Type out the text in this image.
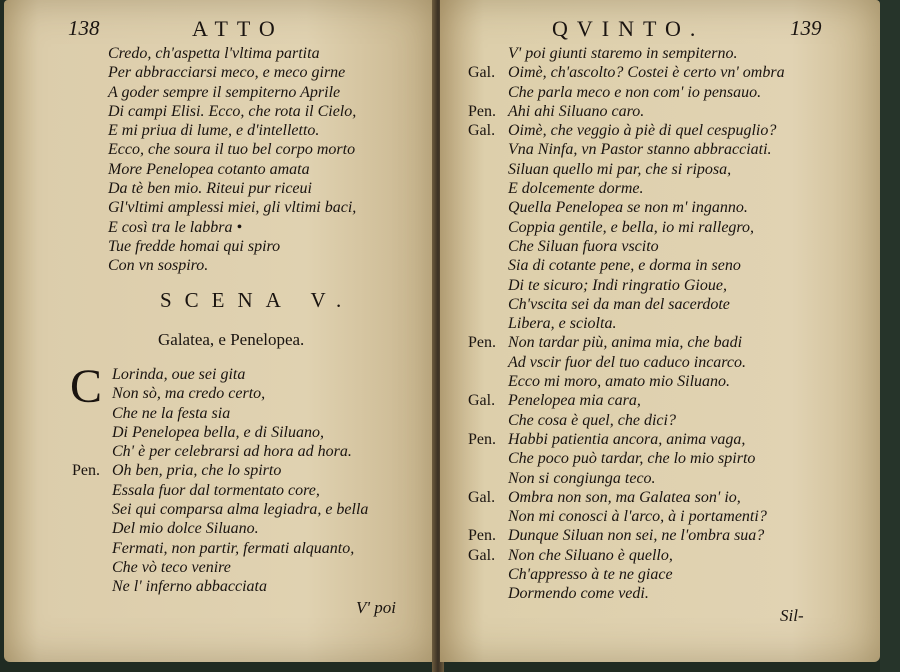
138	ATTO
Credo, ch'aspetta l'vltima partita
Per abbracciarsi meco, e meco girne
A goder sempre il sempiterno Aprile
Di campi Elisi. Ecco, che rota il Cielo,
E mi priua di lume, e d'intelletto.
Ecco, che soura il tuo bel corpo morto
More Penelopea cotanto amata
Da tè ben mio. Riteui pur riceui
Gl'vltimi amplessi miei, gli vltimi baci,
E così tra le labbra •
Tue fredde homai qui spiro
Con vn sospiro.
SCENA V.
Galatea, e Penelopea.
C Lorinda, oue sei gita
Non sò, ma credo certo,
Che ne la festa sia
Di Penelopea bella, e di Siluano,
Ch' è per celebrarsi ad hora ad hora.
Pen. Oh ben, pria, che lo spirto
Essala fuor dal tormentato core,
Sei qui comparsa alma legiadra, e bella
Del mio dolce Siluano.
Fermati, non partir, fermati alquanto,
Che vò teco venire
Ne l' inferno abbacciata
V' poi
QVINTO.	139
V' poi giunti staremo in sempiterno.
Gal. Oimè, ch'ascolto? Costei è certo vn' ombra
Che parla meco e non com' io pensauo.
Pen. Ahi ahi Siluano caro.
Gal. Oimè, che veggio à piè di quel cespuglio?
Vna Ninfa, vn Pastor stanno abbracciati.
Siluan quello mi par, che si riposa,
E dolcemente dorme.
Quella Penelopea se non m' inganno.
Coppia gentile, e bella, io mi rallegro,
Che Siluan fuora vscito
Sia di cotante pene, e dorma in seno
Di te sicuro; Indi ringratio Gioue,
Ch'vscita sei da man del sacerdote
Libera, e sciolta.
Pen. Non tardar più, anima mia, che badi
Ad vscir fuor del tuo caduco incarco.
Ecco mi moro, amato mio Siluano.
Gal. Penelopea mia cara,
Che cosa è quel, che dici?
Pen. Habbi patientia ancora, anima vaga,
Che poco può tardar, che lo mio spirto
Non si congiunga teco.
Gal. Ombra non son, ma Galatea son' io,
Non mi conosci à l'arco, à i portamenti?
Pen. Dunque Siluan non sei, ne l'ombra sua?
Gal. Non che Siluano è quello,
Ch'appresso à te ne giace
Dormendo come vedi.
Sil-
